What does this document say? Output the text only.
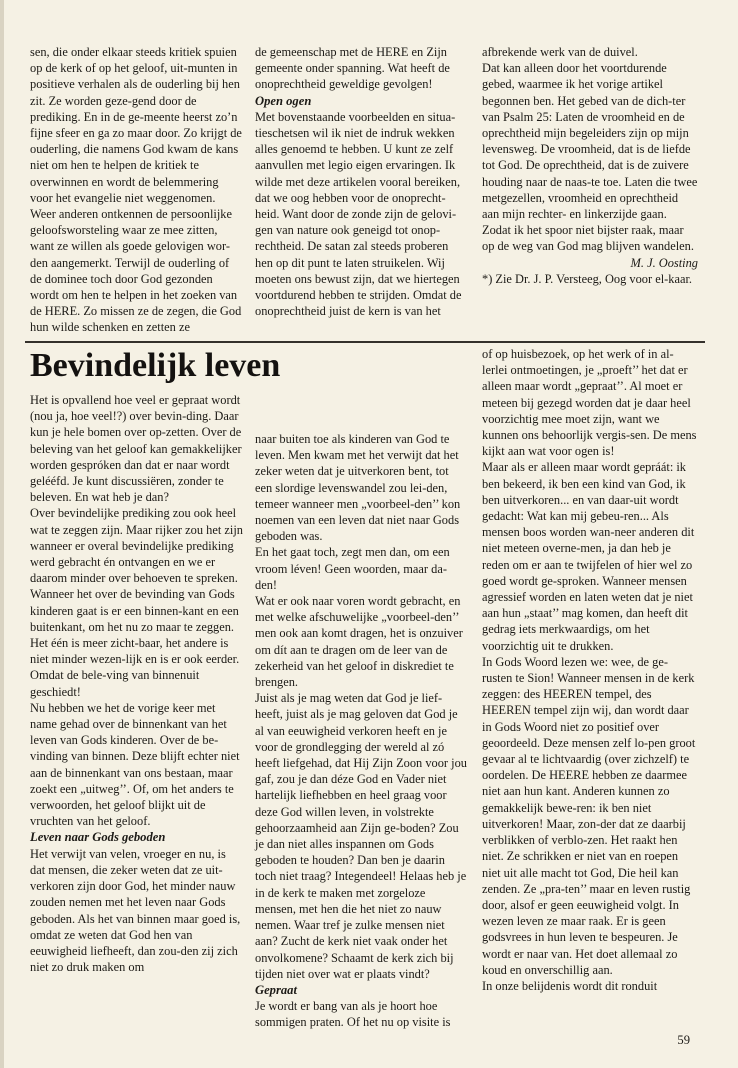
sen, die onder elkaar steeds kritiek spuien op de kerk of op het geloof, uit-munten in positieve verhalen als de ouderling bij hen zit. Ze worden geze-gend door de prediking. En in de ge-meente heerst zo’n fijne sfeer en ga zo maar door. Zo krijgt de ouderling, die namens God kwam de kans niet om hen te helpen de kritiek te overwinnen en wordt de belemmering voor het evangelie niet weggenomen.

Weer anderen ontkennen de persoonlijke geloofsworsteling waar ze mee zitten, want ze willen als goede gelovigen wor-den aangemerkt. Terwijl de ouderling of de dominee toch door God gezonden wordt om hen te helpen in het zoeken van de HERE. Zo missen ze de zegen, die God hun wilde schenken en zetten ze

de gemeenschap met de HERE en Zijn gemeente onder spanning. Wat heeft de onoprechtheid geweldige gevolgen!

Open ogen

Met bovenstaande voorbeelden en situa-tieschetsen wil ik niet de indruk wekken alles genoemd te hebben. U kunt ze zelf aanvullen met legio eigen ervaringen. Ik wilde met deze artikelen vooral bereiken, dat we oog hebben voor de onoprecht-heid. Want door de zonde zijn de gelovi-gen van nature ook geneigd tot onop-rechtheid. De satan zal steeds proberen hen op dit punt te laten struikelen. Wij moeten ons bewust zijn, dat we hiertegen voortdurend hebben te strijden. Omdat de onoprechtheid juist de kern is van het

afbrekende werk van de duivel.

Dat kan alleen door het voortdurende gebed, waarmee ik het vorige artikel begonnen ben. Het gebed van de dich-ter van Psalm 25: Laten de vroomheid en de oprechtheid mijn begeleiders zijn op mijn levensweg. De vroomheid, dat is de liefde tot God. De oprechtheid, dat is de zuivere houding naar de naas-te toe. Laten die twee metgezellen, vroomheid en oprechtheid aan mijn rechter- en linkerzijde gaan. Zodat ik het spoor niet bijster raak, maar op de weg van God mag blijven wandelen.

M. J. Oosting

*) Zie Dr. J. P. Versteeg, Oog voor el-kaar.

Bevindelijk leven

Het is opvallend hoe veel er gepraat wordt (nou ja, hoe veel!?) over bevin-ding. Daar kun je hele bomen over op-zetten. Over de beleving van het geloof kan gemakkelijker worden gespróken dan dat er naar wordt gelééfd. Je kunt discussiëren, zonder te beleven. En wat heb je dan?

Over bevindelijke prediking zou ook heel wat te zeggen zijn. Maar rijker zou het zijn wanneer er overal bevindelijke prediking werd gebracht én ontvangen en we er daarom minder over behoeven te spreken.

Wanneer het over de bevinding van Gods kinderen gaat is er een binnen-kant en een buitenkant, om het nu zo maar te zeggen. Het één is meer zicht-baar, het andere is niet minder wezen-lijk en is er ook eerder. Omdat de bele-ving van binnenuit geschiedt!

Nu hebben we het de vorige keer met name gehad over de binnenkant van het leven van Gods kinderen. Over de be-vinding van binnen. Deze blijft echter niet aan de binnenkant van ons bestaan, maar zoekt een „uitweg’’. Of, om het anders te verwoorden, het geloof blijkt uit de vruchten van het geloof.

Leven naar Gods geboden

Het verwijt van velen, vroeger en nu, is dat mensen, die zeker weten dat ze uit-verkoren zijn door God, het minder nauw zouden nemen met het leven naar Gods geboden. Als het van binnen maar goed is, omdat ze weten dat God hen van eeuwigheid liefheeft, dan zou-den zij zich niet zo druk maken om

naar buiten toe als kinderen van God te leven. Men kwam met het verwijt dat het zeker weten dat je uitverkoren bent, tot een slordige levenswandel zou lei-den, temeer wanneer men „voorbeel-den’’ kon noemen van een leven dat niet naar Gods geboden was.

En het gaat toch, zegt men dan, om een vroom léven! Geen woorden, maar da-den!

Wat er ook naar voren wordt gebracht, en met welke afschuwelijke „voorbeel-den’’ men ook aan komt dragen, het is onzuiver om dít aan te dragen om de leer van de zekerheid van het geloof in diskrediet te brengen.

Juist als je mag weten dat God je lief-heeft, juist als je mag geloven dat God je al van eeuwigheid verkoren heeft en je voor de grondlegging der wereld al zó heeft liefgehad, dat Hij Zijn Zoon voor jou gaf, zou je dan déze God en Vader niet hartelijk liefhebben en heel graag voor deze God willen leven, in volstrekte gehoorzaamheid aan Zijn ge-boden? Zou je dan niet alles inspannen om Gods geboden te houden? Dan ben je daarin toch niet traag? Integendeel! Helaas heb je in de kerk te maken met zorgeloze mensen, met hen die het niet zo nauw nemen. Waar tref je zulke mensen niet aan? Zucht de kerk niet vaak onder het onvolkomene? Schaamt de kerk zich bij tijden niet over wat er plaats vindt?

Gepraat

Je wordt er bang van als je hoort hoe sommigen praten. Of het nu op visite is

of op huisbezoek, op het werk of in al-lerlei ontmoetingen, je „proeft’’ het dat er alleen maar wordt „gepraat’’. Al moet er meteen bij gezegd worden dat je daar heel voorzichtig mee moet zijn, want we kunnen ons behoorlijk vergis-sen. De mens kijkt aan wat voor ogen is!

Maar als er alleen maar wordt gepráát: ik ben bekeerd, ik ben een kind van God, ik ben uitverkoren... en van daar-uit wordt gedacht: Wat kan mij gebeu-ren... Als mensen boos worden wan-neer anderen dit niet meteen overne-men, ja dan heb je reden om er aan te twijfelen of hier wel zo goed wordt ge-sproken. Wanneer mensen agressief worden en laten weten dat je niet aan hun „staat’’ mag komen, dan heeft dit gedrag iets merkwaardigs, om het voorzichtig uit te drukken.

In Gods Woord lezen we: wee, de ge-rusten te Sion! Wanneer mensen in de kerk zeggen: des HEEREN tempel, des HEEREN tempel zijn wij, dan wordt daar in Gods Woord niet zo positief over geoordeeld. Deze mensen zelf lo-pen groot gevaar al te lichtvaardig (over zichzelf) te oordelen. De HEERE hebben ze daarmee niet aan hun kant. Anderen kunnen zo gemakkelijk bewe-ren: ik ben niet uitverkoren! Maar, zon-der dat ze daarbij verblikken of verblo-zen. Het raakt hen niet. Ze schrikken er niet van en roepen niet uit alle macht tot God, Die heil kan zenden. Ze „pra-ten’’ maar en leven rustig door, alsof er geen eeuwigheid volgt. In wezen leven ze maar raak. Er is geen godsvrees in hun leven te bespeuren. Je wordt er naar van. Het doet allemaal zo koud en onverschillig aan.

In onze belijdenis wordt dit ronduit

59
